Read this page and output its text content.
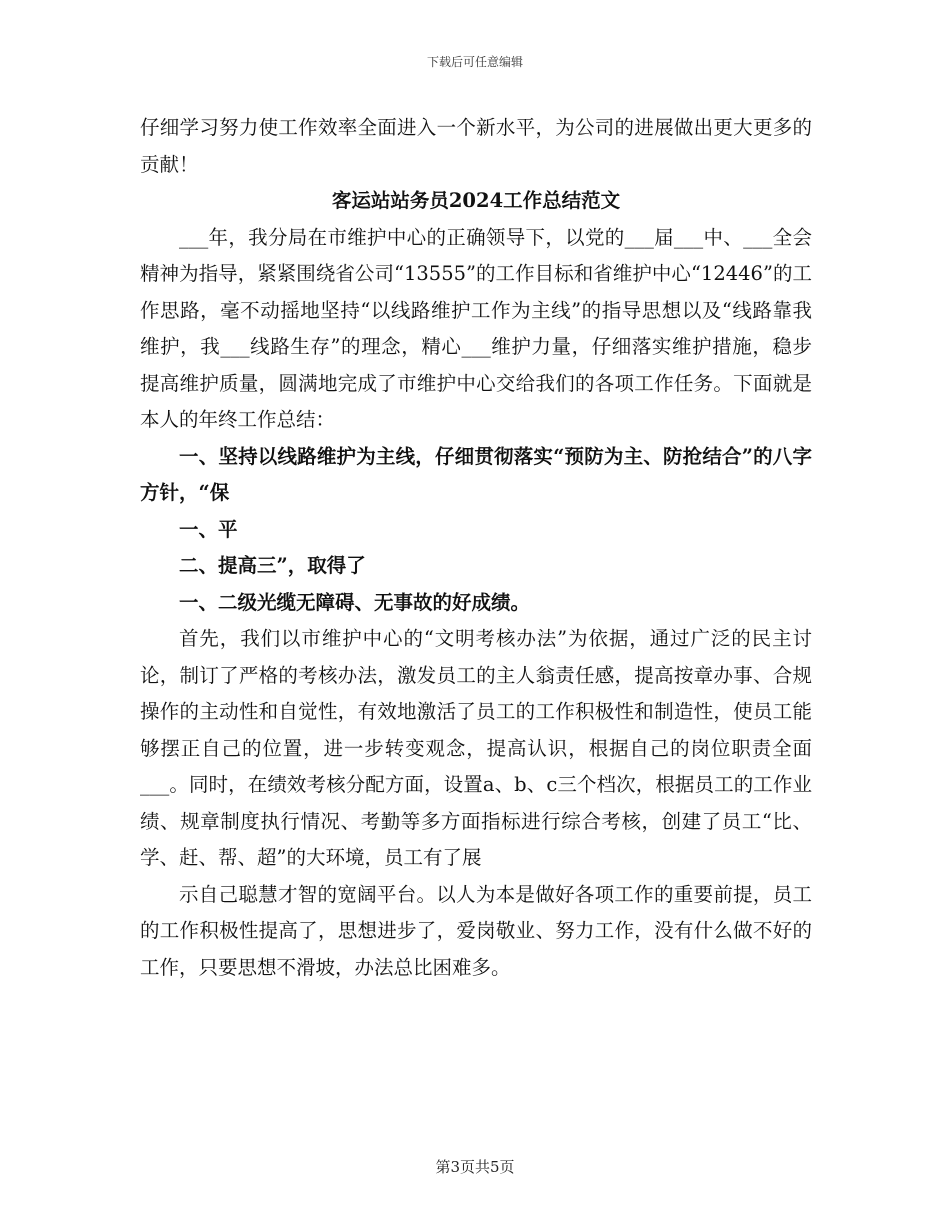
下载后可任意编辑

仔细学习努力使工作效率全面进入一个新水平，为公司的进展做出更大更多的贡献！

客运站站务员2024工作总结范文

___年，我分局在市维护中心的正确领导下，以党的___届___中、___全会精神为指导，紧紧围绕省公司“13555”的工作目标和省维护中心“12446”的工作思路，毫不动摇地坚持“以线路维护工作为主线”的指导思想以及“线路靠我维护，我___线路生存”的理念，精心___维护力量，仔细落实维护措施，稳步提高维护质量，圆满地完成了市维护中心交给我们的各项工作任务。下面就是本人的年终工作总结：

一、坚持以线路维护为主线，仔细贯彻落实“预防为主、防抢结合”的八字方针，“保

一、平

二、提高三”，取得了

一、二级光缆无障碍、无事故的好成绩。

首先，我们以市维护中心的“文明考核办法”为依据，通过广泛的民主讨论，制订了严格的考核办法，激发员工的主人翁责任感，提高按章办事、合规操作的主动性和自觉性，有效地激活了员工的工作积极性和制造性，使员工能够摆正自己的位置，进一步转变观念，提高认识，根据自己的岗位职责全面___。同时，在绩效考核分配方面，设置a、b、c三个档次，根据员工的工作业绩、规章制度执行情况、考勤等多方面指标进行综合考核，创建了员工“比、学、赶、帮、超”的大环境，员工有了展

示自己聪慧才智的宽阔平台。以人为本是做好各项工作的重要前提，员工的工作积极性提高了，思想进步了，爱岗敬业、努力工作，没有什么做不好的工作，只要思想不滑坡，办法总比困难多。

第3页共5页
